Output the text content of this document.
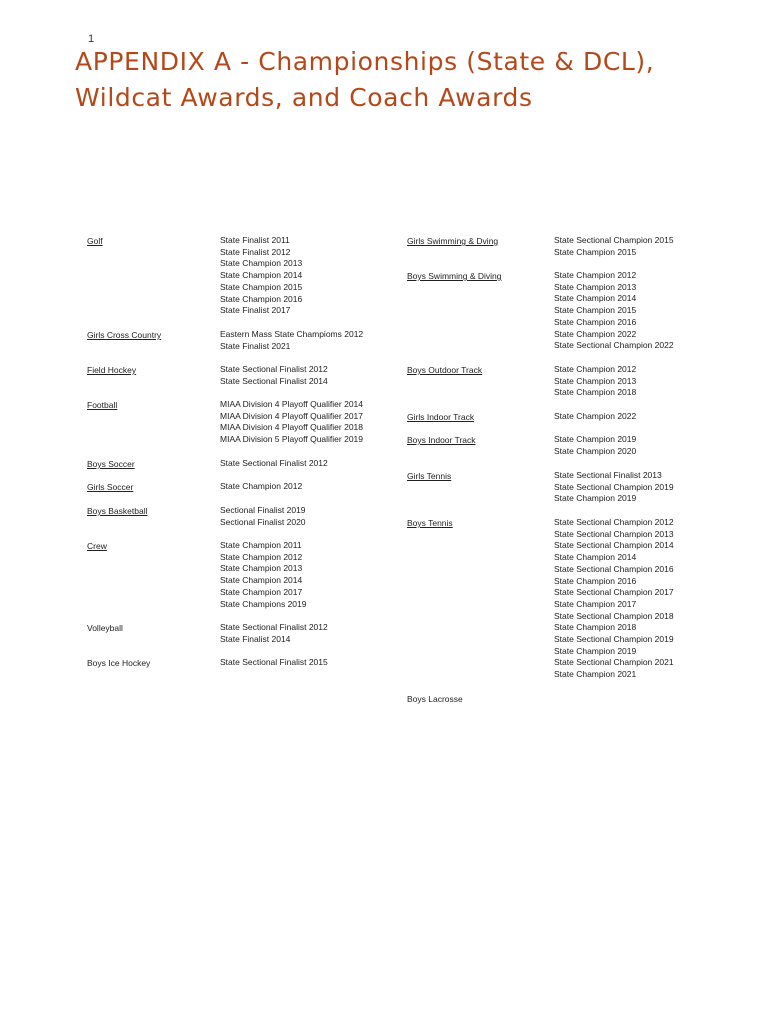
1
APPENDIX A - Championships (State & DCL), Wildcat Awards, and Coach Awards
Golf	State Finalist 2011
State Finalist 2012
State Champion 2013
State Champion 2014
State Champion 2015
State Champion 2016
State Finalist 2017
Girls Cross Country	Eastern Mass State Champioms 2012
State Finalist 2021
Field Hockey	State Sectional Finalist 2012
State Sectional Finalist 2014
Football	MIAA Division 4 Playoff Qualifier 2014
MIAA Division 4 Playoff Qualifier 2017
MIAA Division 4 Playoff Qualifier 2018
MIAA Division 5 Playoff Qualifier 2019
Boys Soccer	State Sectional Finalist 2012
Girls Soccer	State Champion 2012
Boys Basketball	Sectional Finalist 2019
Sectional Finalist 2020
Crew	State Champion 2011
State Champion 2012
State Champion 2013
State Champion 2014
State Champion 2017
State Champions 2019
Volleyball	State Sectional Finalist 2012
State Finalist 2014
Boys Ice Hockey	State Sectional Finalist 2015
Girls Swimming & Dving	State Sectional Champion 2015
State Champion 2015
Boys Swimming & Diving	State Champion 2012
State Champion 2013
State Champion 2014
State Champion 2015
State Champion 2016
State Champion 2022
State Sectional Champion 2022
Boys Outdoor Track	State Champion 2012
State Champion 2013
State Champion 2018
Girls Indoor Track	State Champion 2022
Boys Indoor Track	State Champion 2019
State Champion 2020
Girls Tennis	State Sectional Finalist 2013
State Sectional Champion 2019
State Champion 2019
Boys Tennis	State Sectional Champion 2012
State Sectional Champion 2013
State Sectional Champion 2014
State Champion 2014
State Sectional Champion 2016
State Champion 2016
State Sectional Champion 2017
State Champion 2017
State Sectional Champion 2018
State Champion 2018
State Sectional Champion 2019
State Champion 2019
State Sectional Champion 2021
State Champion 2021
Boys Lacrosse
